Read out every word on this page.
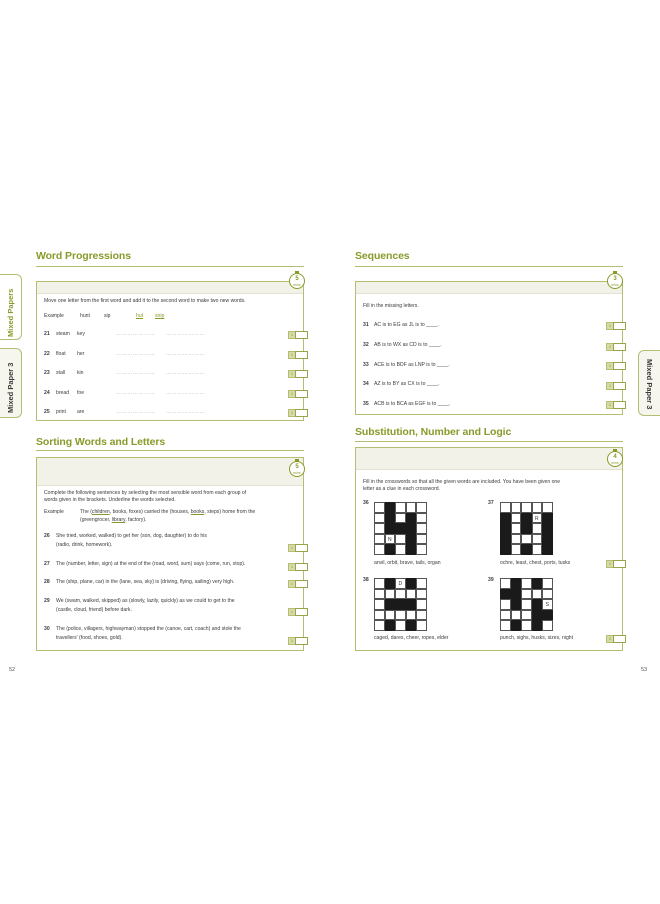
Mixed Papers
Mixed Paper 3
Word Progressions
5
mins
Move one letter from the first word and add it to the second word to make two new words.
Example	hunt	sip	hut snip
21 steam key	………………… …………………	1
22 float her	………………… …………………	1
23 stall kin	………………… …………………	1
24 bread foe	………………… …………………	1
25 print are	………………… …………………	1
Sorting Words and Letters
5
mins
Complete the following sentences by selecting the most sensible word from each group of
words given in the brackets. Underline the words selected.
Example	The (children, books, foxes) carried the (houses, books, steps) home from the
(greengrocer, library, factory).
26 She tried, worked, walked) to get her (son, dog, daughter) to do his
(radio, drink, homework).	1
27 The (number, letter, sign) at the end of the (road, word, sum) says (come, run, stop).	1
28 The (ship, plane, car) in the (lane, sea, sky) is (driving, flying, sailing) very high.	1
29 We (swam, walked, skipped) as (slowly, lazily, quickly) as we could to get to the
(castle, cloud, friend) before dark.	1
30 The (police, villagers, highwayman) stopped the (canoe, cart, coach) and stole the
travellers' (food, shoes, gold).	1
52
Mixed Paper 3
Sequences
3
mins
Fill in the missing letters.
31 AC is to EG as JL is to ____.	1
32 AB is to WX as CD is to ____.	1
33 ACE is to BDF as LNP is to ____.	1
34 AZ is to BY as CX is to ____.	1
35 ACB is to BCA as EGF is to ____.	1
Substitution, Number and Logic
4
mins
Fill in the crosswords so that all the given words are included. You have been given one
letter as a clue in each crossword.
36
N
anvil, orbit, brave, tails, organ
37
R
ochre, least, chest, ports, tusks	2
38
D
caged, dares, cheer, ropes, elder
39
S
punch, sighs, husks, sizes, night	2
53
